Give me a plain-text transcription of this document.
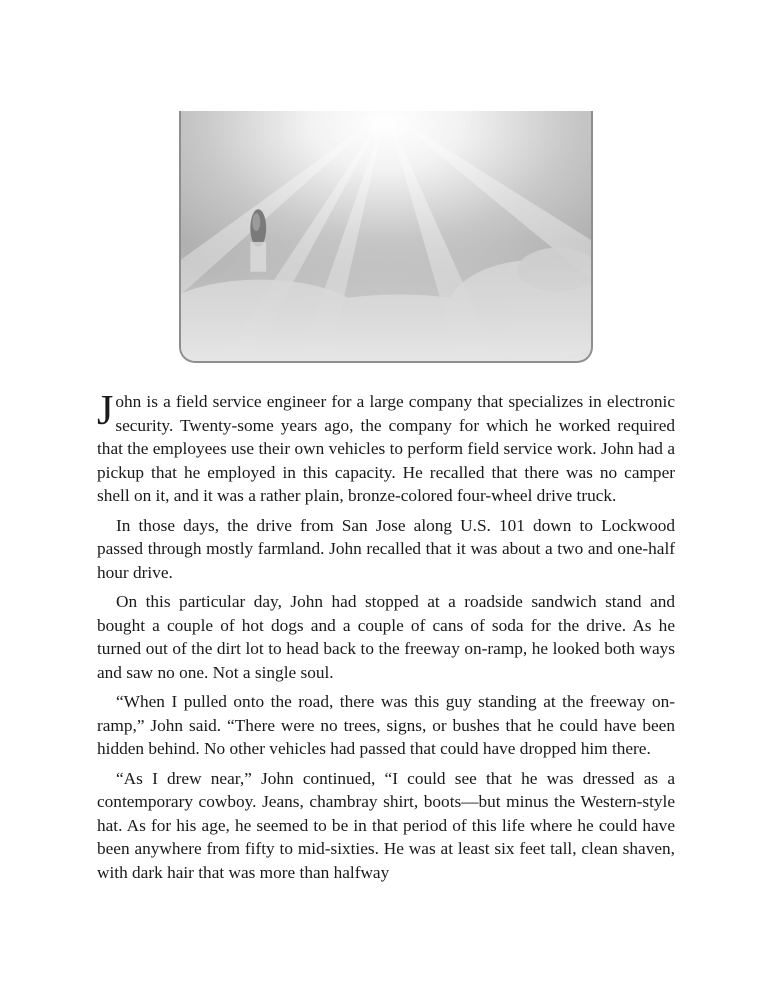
John is a field service engineer for a large company that specializes in electronic security. Twenty-some years ago, the company for which he worked required that the employees use their own vehicles to perform field service work. John had a pickup that he employed in this capacity. He recalled that there was no camper shell on it, and it was a rather plain, bronze-colored four-wheel drive truck.

In those days, the drive from San Jose along U.S. 101 down to Lockwood passed through mostly farmland. John recalled that it was about a two and one-half hour drive.

On this particular day, John had stopped at a roadside sandwich stand and bought a couple of hot dogs and a couple of cans of soda for the drive. As he turned out of the dirt lot to head back to the freeway on-ramp, he looked both ways and saw no one. Not a single soul.

“When I pulled onto the road, there was this guy standing at the freeway on-ramp,” John said. “There were no trees, signs, or bushes that he could have been hidden behind. No other vehicles had passed that could have dropped him there.

“As I drew near,” John continued, “I could see that he was dressed as a contemporary cowboy. Jeans, chambray shirt, boots—but minus the Western-style hat. As for his age, he seemed to be in that period of this life where he could have been anywhere from fifty to mid-sixties. He was at least six feet tall, clean shaven, with dark hair that was more than halfway
